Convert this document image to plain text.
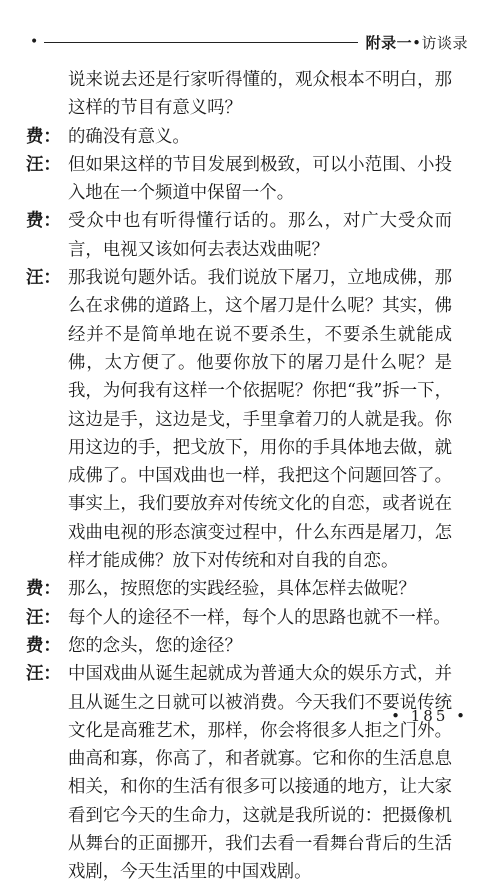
•	附录一•访谈录
说来说去还是行家听得懂的，观众根本不明白，那这样的节目有意义吗？
费： 的确没有意义。
汪： 但如果这样的节目发展到极致，可以小范围、小投入地在一个频道中保留一个。
费： 受众中也有听得懂行话的。那么，对广大受众而言，电视又该如何去表达戏曲呢？
汪： 那我说句题外话。我们说放下屠刀，立地成佛，那么在求佛的道路上，这个屠刀是什么呢？其实，佛经并不是简单地在说不要杀生，不要杀生就能成佛，太方便了。他要你放下的屠刀是什么呢？是我，为何我有这样一个依据呢？你把“我”拆一下，这边是手，这边是戈，手里拿着刀的人就是我。你用这边的手，把戈放下，用你的手具体地去做，就成佛了。中国戏曲也一样，我把这个问题回答了。事实上，我们要放弃对传统文化的自恋，或者说在戏曲电视的形态演变过程中，什么东西是屠刀，怎样才能成佛？放下对传统和对自我的自恋。
费： 那么，按照您的实践经验，具体怎样去做呢？
汪： 每个人的途径不一样，每个人的思路也就不一样。
费： 您的念头，您的途径？
汪： 中国戏曲从诞生起就成为普通大众的娱乐方式，并且从诞生之日就可以被消费。今天我们不要说传统文化是高雅艺术，那样，你会将很多人拒之门外。曲高和寡，你高了，和者就寡。它和你的生活息息相关，和你的生活有很多可以接通的地方，让大家看到它今天的生命力，这就是我所说的：把摄像机从舞台的正面挪开，我们去看一看舞台背后的生活戏剧，今天生活里的中国戏剧。
• 185 •
